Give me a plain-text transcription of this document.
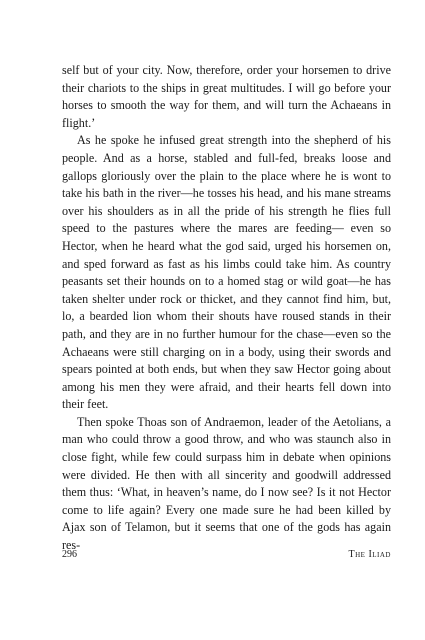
self but of your city. Now, therefore, order your horsemen to drive their chariots to the ships in great multitudes. I will go before your horses to smooth the way for them, and will turn the Achaeans in flight.’

As he spoke he infused great strength into the shepherd of his people. And as a horse, stabled and full-fed, breaks loose and gallops gloriously over the plain to the place where he is wont to take his bath in the river—he tosses his head, and his mane streams over his shoulders as in all the pride of his strength he flies full speed to the pastures where the mares are feeding— even so Hector, when he heard what the god said, urged his horsemen on, and sped forward as fast as his limbs could take him. As country peasants set their hounds on to a homed stag or wild goat—he has taken shelter under rock or thicket, and they cannot find him, but, lo, a bearded lion whom their shouts have roused stands in their path, and they are in no further humour for the chase—even so the Achaeans were still charging on in a body, using their swords and spears pointed at both ends, but when they saw Hector going about among his men they were afraid, and their hearts fell down into their feet.

Then spoke Thoas son of Andraemon, leader of the Aetolians, a man who could throw a good throw, and who was staunch also in close fight, while few could surpass him in debate when opinions were divided. He then with all sincerity and goodwill addressed them thus: ‘What, in heaven’s name, do I now see? Is it not Hector come to life again? Every one made sure he had been killed by Ajax son of Telamon, but it seems that one of the gods has again res-

296	The Iliad
